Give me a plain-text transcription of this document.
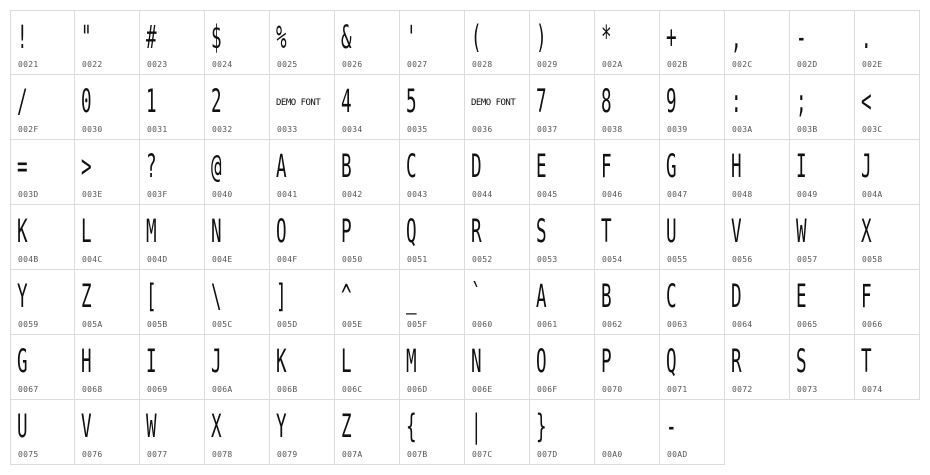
!
0021
"
0022
#
0023
$
0024
%
0025
&
0026
'
0027
(
0028
)
0029
*
002A
+
002B
,
002C
-
002D
.
002E
/
002F
0
0030
1
0031
2
0032
DEMO FONT
0033
4
0034
5
0035
DEMO FONT
0036
7
0037
8
0038
9
0039
:
003A
;
003B
<
003C
=
003D
>
003E
?
003F
@
0040
A
0041
B
0042
C
0043
D
0044
E
0045
F
0046
G
0047
H
0048
I
0049
J
004A
K
004B
L
004C
M
004D
N
004E
O
004F
P
0050
Q
0051
R
0052
S
0053
T
0054
U
0055
V
0056
W
0057
X
0058
Y
0059
Z
005A
[
005B
\
005C
]
005D
^
005E
_
005F
`
0060
A
0061
B
0062
C
0063
D
0064
E
0065
F
0066
G
0067
H
0068
I
0069
J
006A
K
006B
L
006C
M
006D
N
006E
O
006F
P
0070
Q
0071
R
0072
S
0073
T
0074
U
0075
V
0076
W
0077
X
0078
Y
0079
Z
007A
{
007B
|
007C
}
007D	00A0
-
00AD
